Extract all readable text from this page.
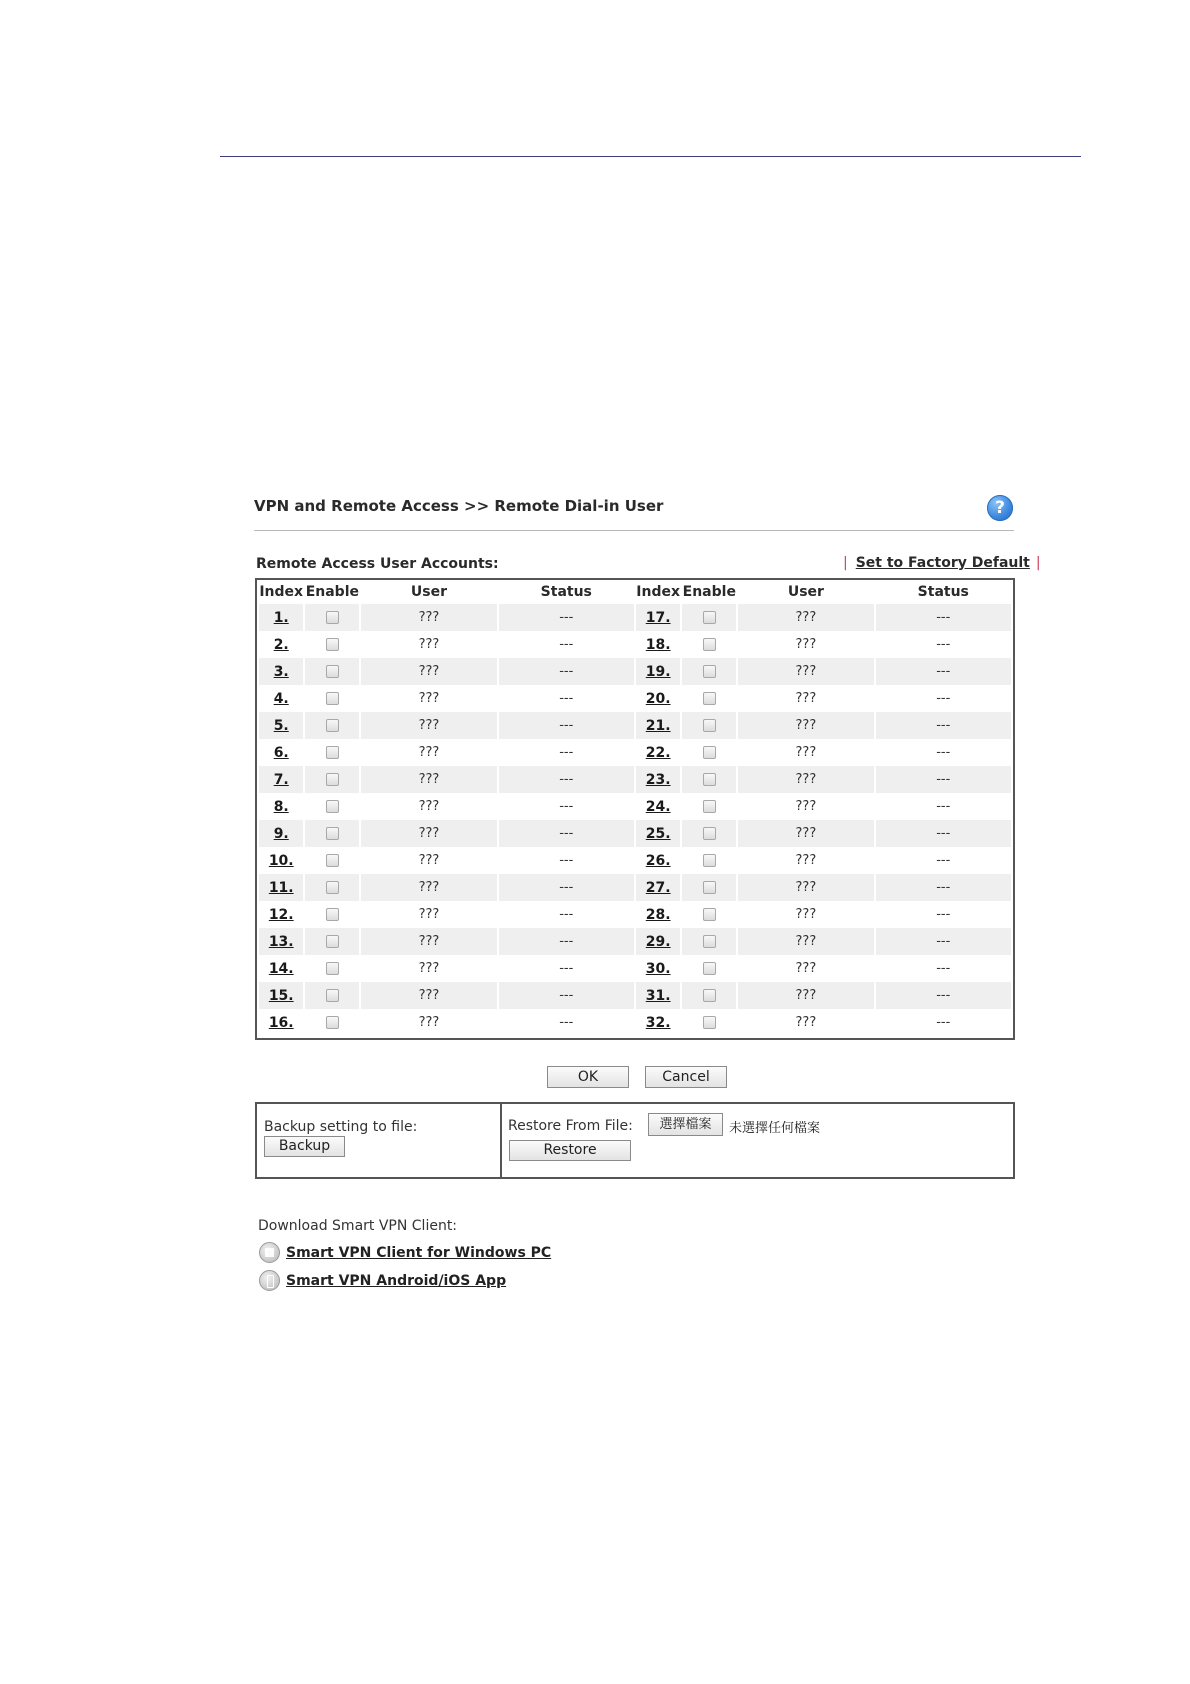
VPN and Remote Access >> Remote Dial-in User	?
Remote Access User Accounts:	| Set to Factory Default |
Index	Enable	User	Status	Index	Enable	User	Status
1.		???	---	17.		???	---
2.		???	---	18.		???	---
3.		???	---	19.		???	---
4.		???	---	20.		???	---
5.		???	---	21.		???	---
6.		???	---	22.		???	---
7.		???	---	23.		???	---
8.		???	---	24.		???	---
9.		???	---	25.		???	---
10.		???	---	26.		???	---
11.		???	---	27.		???	---
12.		???	---	28.		???	---
13.		???	---	29.		???	---
14.		???	---	30.		???	---
15.		???	---	31.		???	---
16.		???	---	32.		???	---
OK	Cancel
Backup setting to file:
Backup
Restore From File:	選擇檔案	未選擇任何檔案
Restore
Download Smart VPN Client:
Smart VPN Client for Windows PC
Smart VPN Android/iOS App
